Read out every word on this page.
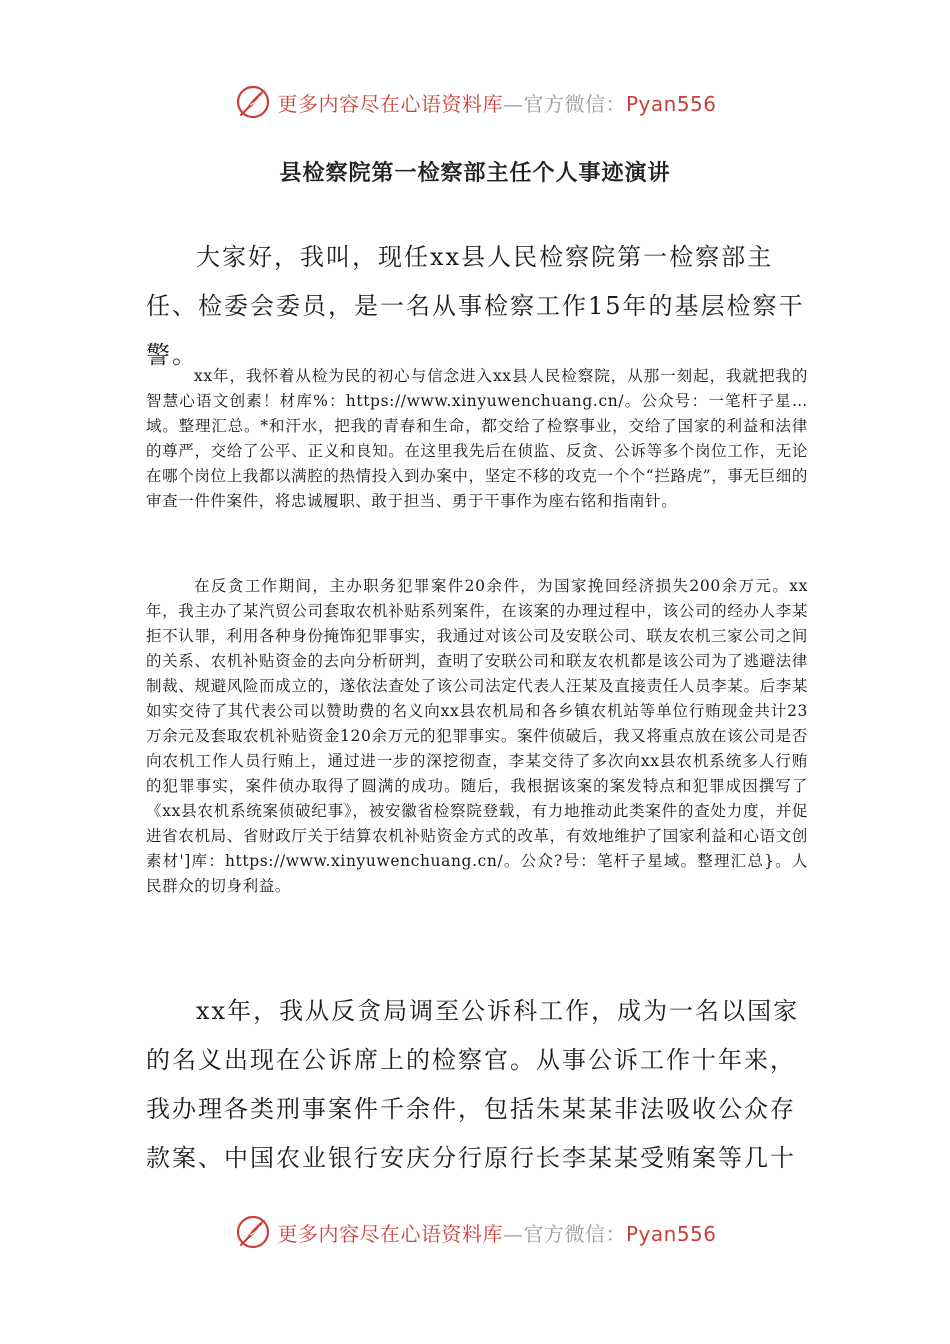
更多内容尽在心语资料库—官方微信：Pyan556
县检察院第一检察部主任个人事迹演讲

大家好，我叫，现任xx县人民检察院第一检察部主任、检委会委员，是一名从事检察工作15年的基层检察干警。

xx年，我怀着从检为民的初心与信念进入xx县人民检察院，从那一刻起，我就把我的智慧心语文创素！材库%：https://www.xinyuwenchuang.cn/。公众号：一笔杆子星…域。整理汇总。*和汗水，把我的青春和生命，都交给了检察事业，交给了国家的利益和法律的尊严，交给了公平、正义和良知。在这里我先后在侦监、反贪、公诉等多个岗位工作，无论在哪个岗位上我都以满腔的热情投入到办案中，坚定不移的攻克一个个“拦路虎”，事无巨细的审查一件件案件，将忠诚履职、敢于担当、勇于干事作为座右铭和指南针。

在反贪工作期间，主办职务犯罪案件20余件，为国家挽回经济损失200余万元。xx年，我主办了某汽贸公司套取农机补贴系列案件，在该案的办理过程中，该公司的经办人李某拒不认罪，利用各种身份掩饰犯罪事实，我通过对该公司及安联公司、联友农机三家公司之间的关系、农机补贴资金的去向分析研判，查明了安联公司和联友农机都是该公司为了逃避法律制裁、规避风险而成立的，遂依法查处了该公司法定代表人汪某及直接责任人员李某。后李某如实交待了其代表公司以赞助费的名义向xx县农机局和各乡镇农机站等单位行贿现金共计23万余元及套取农机补贴资金120余万元的犯罪事实。案件侦破后，我又将重点放在该公司是否向农机工作人员行贿上，通过进一步的深挖彻查，李某交待了多次向xx县农机系统多人行贿的犯罪事实，案件侦办取得了圆满的成功。随后，我根据该案的案发特点和犯罪成因撰写了《xx县农机系统案侦破纪事》，被安徽省检察院登载，有力地推动此类案件的查处力度，并促进省农机局、省财政厅关于结算农机补贴资金方式的改革，有效地维护了国家利益和心语文创素材']库：https://www.xinyuwenchuang.cn/。公众?号：笔杆子星域。整理汇总}。人民群众的切身利益。

xx年，我从反贪局调至公诉科工作，成为一名以国家的名义出现在公诉席上的检察官。从事公诉工作十年来，我办理各类刑事案件千余件，包括朱某某非法吸收公众存款案、中国农业银行安庆分行原行长李某某受贿案等几十

更多内容尽在心语资料库—官方微信：Pyan556
